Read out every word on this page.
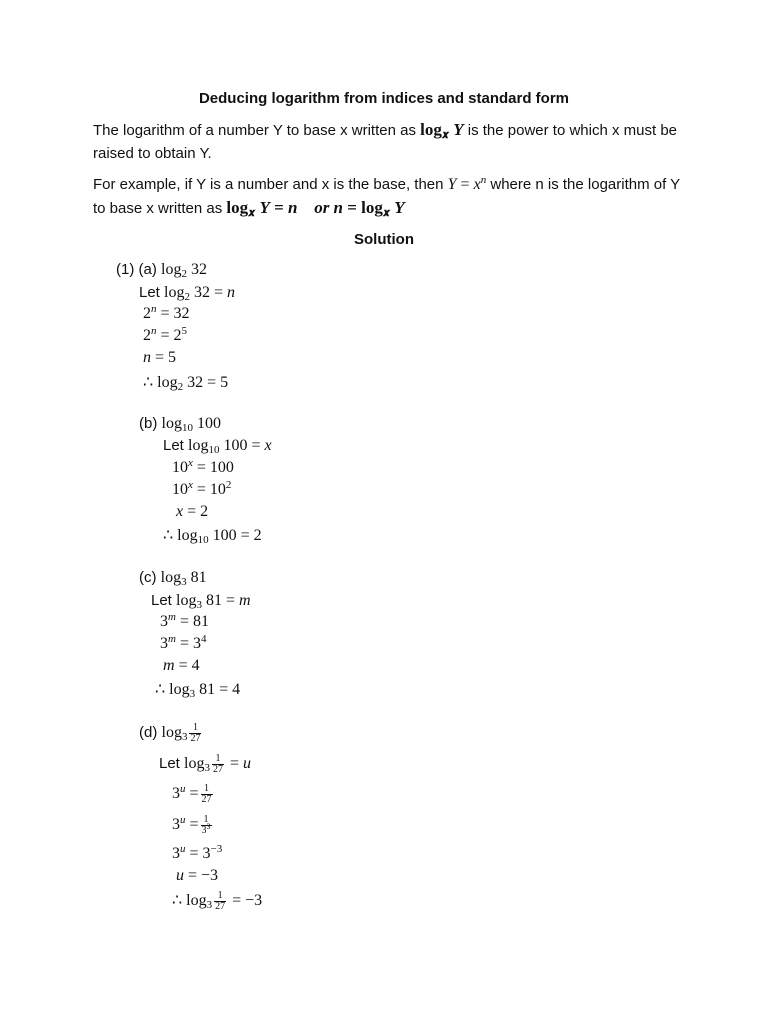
Deducing logarithm from indices and standard form
The logarithm of a number Y to base x written as $\log_𝒙 Y$ is the power to which x must be raised to obtain Y.
For example, if Y is a number and x is the base, then $Y = x^n$ where n is the logarithm of Y to base x written as $\log_𝒙 Y = n$ or $n = \log_𝒙 Y$
Solution
(1) (a) $\log_2 32$
Let $\log_2 32 = n$
$2^n = 32$
$2^n = 2^5$
n = 5
∴ $\log_2 32 = 5$
(b) $\log_{10} 100$
Let $\log_{10} 100 = x$
$10^x = 100$
$10^x = 10^2$
x = 2
∴ $\log_{10} 100 = 2$
(c) $\log_3 81$
Let $\log_3 81 = m$
$3^m = 81$
$3^m = 3^4$
m = 4
∴ $\log_3 81 = 4$
(d) $\log_3 \frac{1}{27}$
Let $\log_3 \frac{1}{27} = u$
$3^u = \frac{1}{27}$
$3^u = \frac{1}{3^3}$
$3^u = 3^{-3}$
u = −3
∴ $\log_3 \frac{1}{27} = -3$
